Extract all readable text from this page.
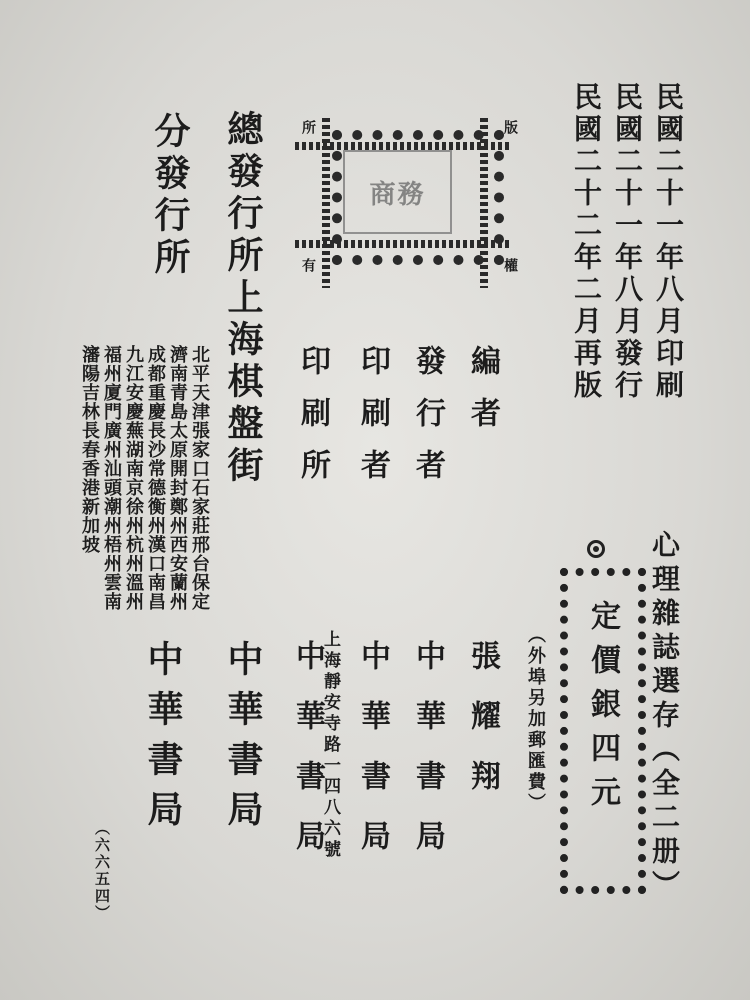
民國二十一年八月印刷
民國二十一年八月發行
民國二十二年二月再版
商務
版
權
所
有
心理雜誌選存（全二册）
定價銀四元
（外埠另加郵匯費）
編者
張耀翔
發行者
中華書局
印刷者
中華書局
印刷所
中華書局
上海靜安寺路一四八六號
總發行所上海棋盤街
中華書局
分發行所
北平天津張家口石家莊邢台保定
濟南青島太原開封鄭州西安蘭州
成都重慶長沙常德衡州漢口南昌
九江安慶蕪湖南京徐州杭州溫州
福州廈門廣州汕頭潮州梧州雲南
瀋陽吉林長春香港新加坡
中華書局
（六六五四）
